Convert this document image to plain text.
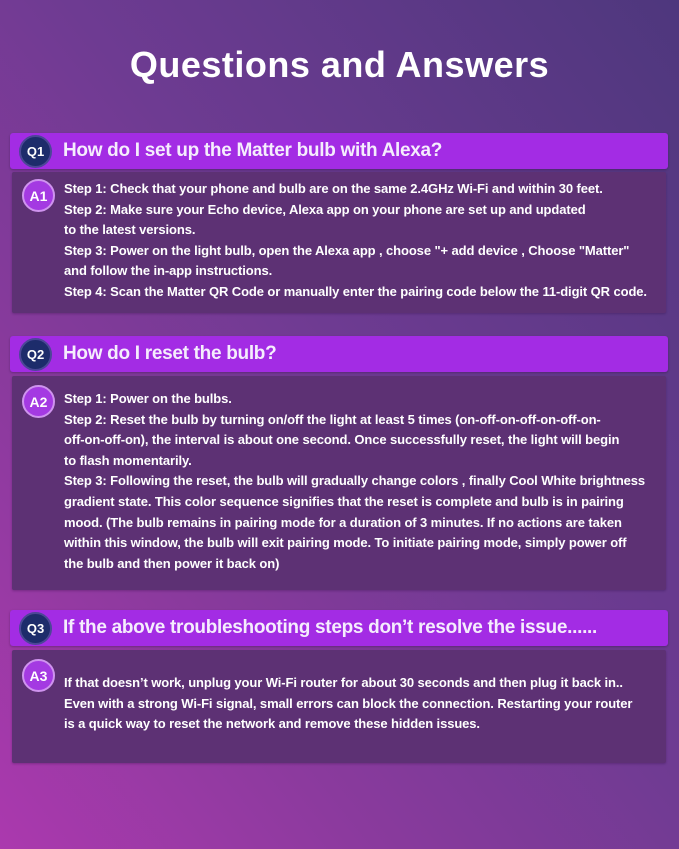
Questions and Answers
Q1 How do I set up the Matter bulb with Alexa?
A1	Step 1: Check that your phone and bulb are on the same 2.4GHz Wi-Fi and within 30 feet.
Step 2: Make sure your Echo device, Alexa app on your phone are set up and updated
to the latest versions.
Step 3: Power on the light bulb, open the Alexa app , choose "+ add device , Choose "Matter"
and follow the in-app instructions.
Step 4: Scan the Matter QR Code or manually enter the pairing code below the 11-digit QR code.
Q2 How do I reset the bulb?
A2	Step 1: Power on the bulbs.
Step 2: Reset the bulb by turning on/off the light at least 5 times (on-off-on-off-on-off-on-
off-on-off-on), the interval is about one second. Once successfully reset, the light will begin
to flash momentarily.
Step 3: Following the reset, the bulb will gradually change colors , finally Cool White brightness
gradient state. This color sequence signifies that the reset is complete and bulb is in pairing
mood. (The bulb remains in pairing mode for a duration of 3 minutes. If no actions are taken
within this window, the bulb will exit pairing mode. To initiate pairing mode, simply power off
the bulb and then power it back on)
Q3 If the above troubleshooting steps don’t resolve the issue......
A3	If that doesn’t work, unplug your Wi-Fi router for about 30 seconds and then plug it back in..
Even with a strong Wi-Fi signal, small errors can block the connection. Restarting your router
is a quick way to reset the network and remove these hidden issues.
